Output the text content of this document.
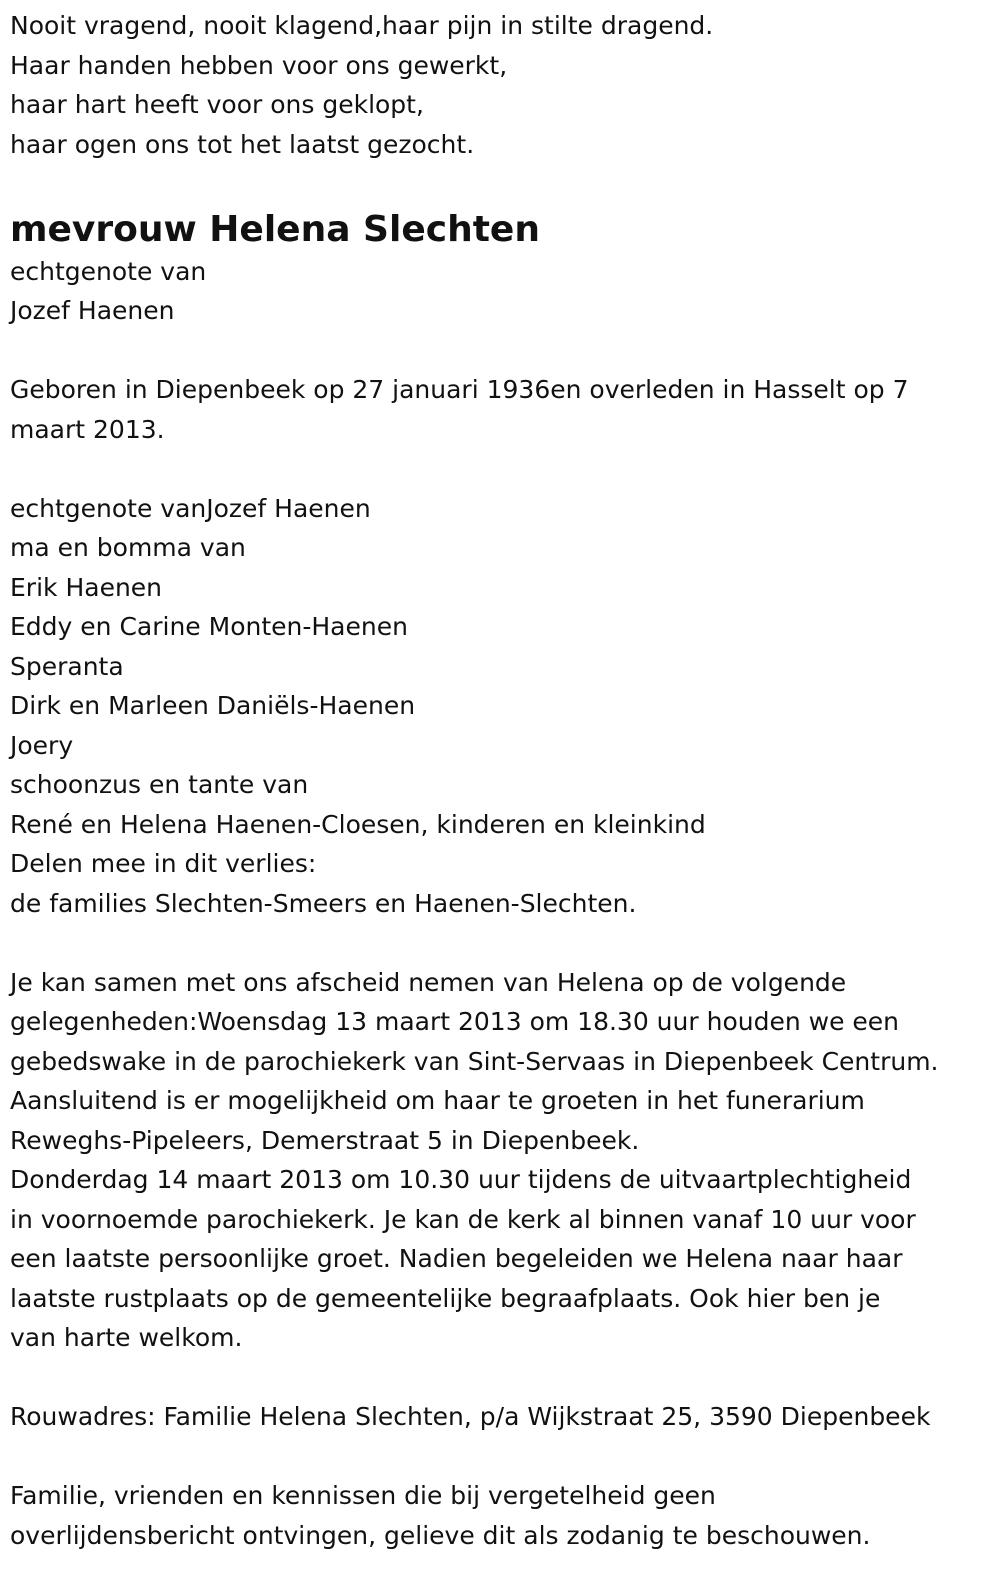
Nooit vragend, nooit klagend,haar pijn in stilte dragend.

Haar handen hebben voor ons gewerkt,

haar hart heeft voor ons geklopt,

haar ogen ons tot het laatst gezocht.

mevrouw Helena Slechten

echtgenote van

Jozef Haenen

Geboren in Diepenbeek op 27 januari 1936en overleden in Hasselt op 7

maart 2013.

echtgenote vanJozef Haenen

ma en bomma van

Erik Haenen

Eddy en Carine Monten-Haenen

Speranta

Dirk en Marleen Daniëls-Haenen

Joery

schoonzus en tante van

René en Helena Haenen-Cloesen, kinderen en kleinkind

Delen mee in dit verlies:

de families Slechten-Smeers en Haenen-Slechten.

Je kan samen met ons afscheid nemen van Helena op de volgende

gelegenheden:Woensdag 13 maart 2013 om 18.30 uur houden we een

gebedswake in de parochiekerk van Sint-Servaas in Diepenbeek Centrum.

Aansluitend is er mogelijkheid om haar te groeten in het funerarium

Reweghs-Pipeleers, Demerstraat 5 in Diepenbeek.

Donderdag 14 maart 2013 om 10.30 uur tijdens de uitvaartplechtigheid

in voornoemde parochiekerk. Je kan de kerk al binnen vanaf 10 uur voor

een laatste persoonlijke groet. Nadien begeleiden we Helena naar haar

laatste rustplaats op de gemeentelijke begraafplaats. Ook hier ben je

van harte welkom.

Rouwadres: Familie Helena Slechten, p/a Wijkstraat 25, 3590 Diepenbeek

Familie, vrienden en kennissen die bij vergetelheid geen

overlijdensbericht ontvingen, gelieve dit als zodanig te beschouwen.
